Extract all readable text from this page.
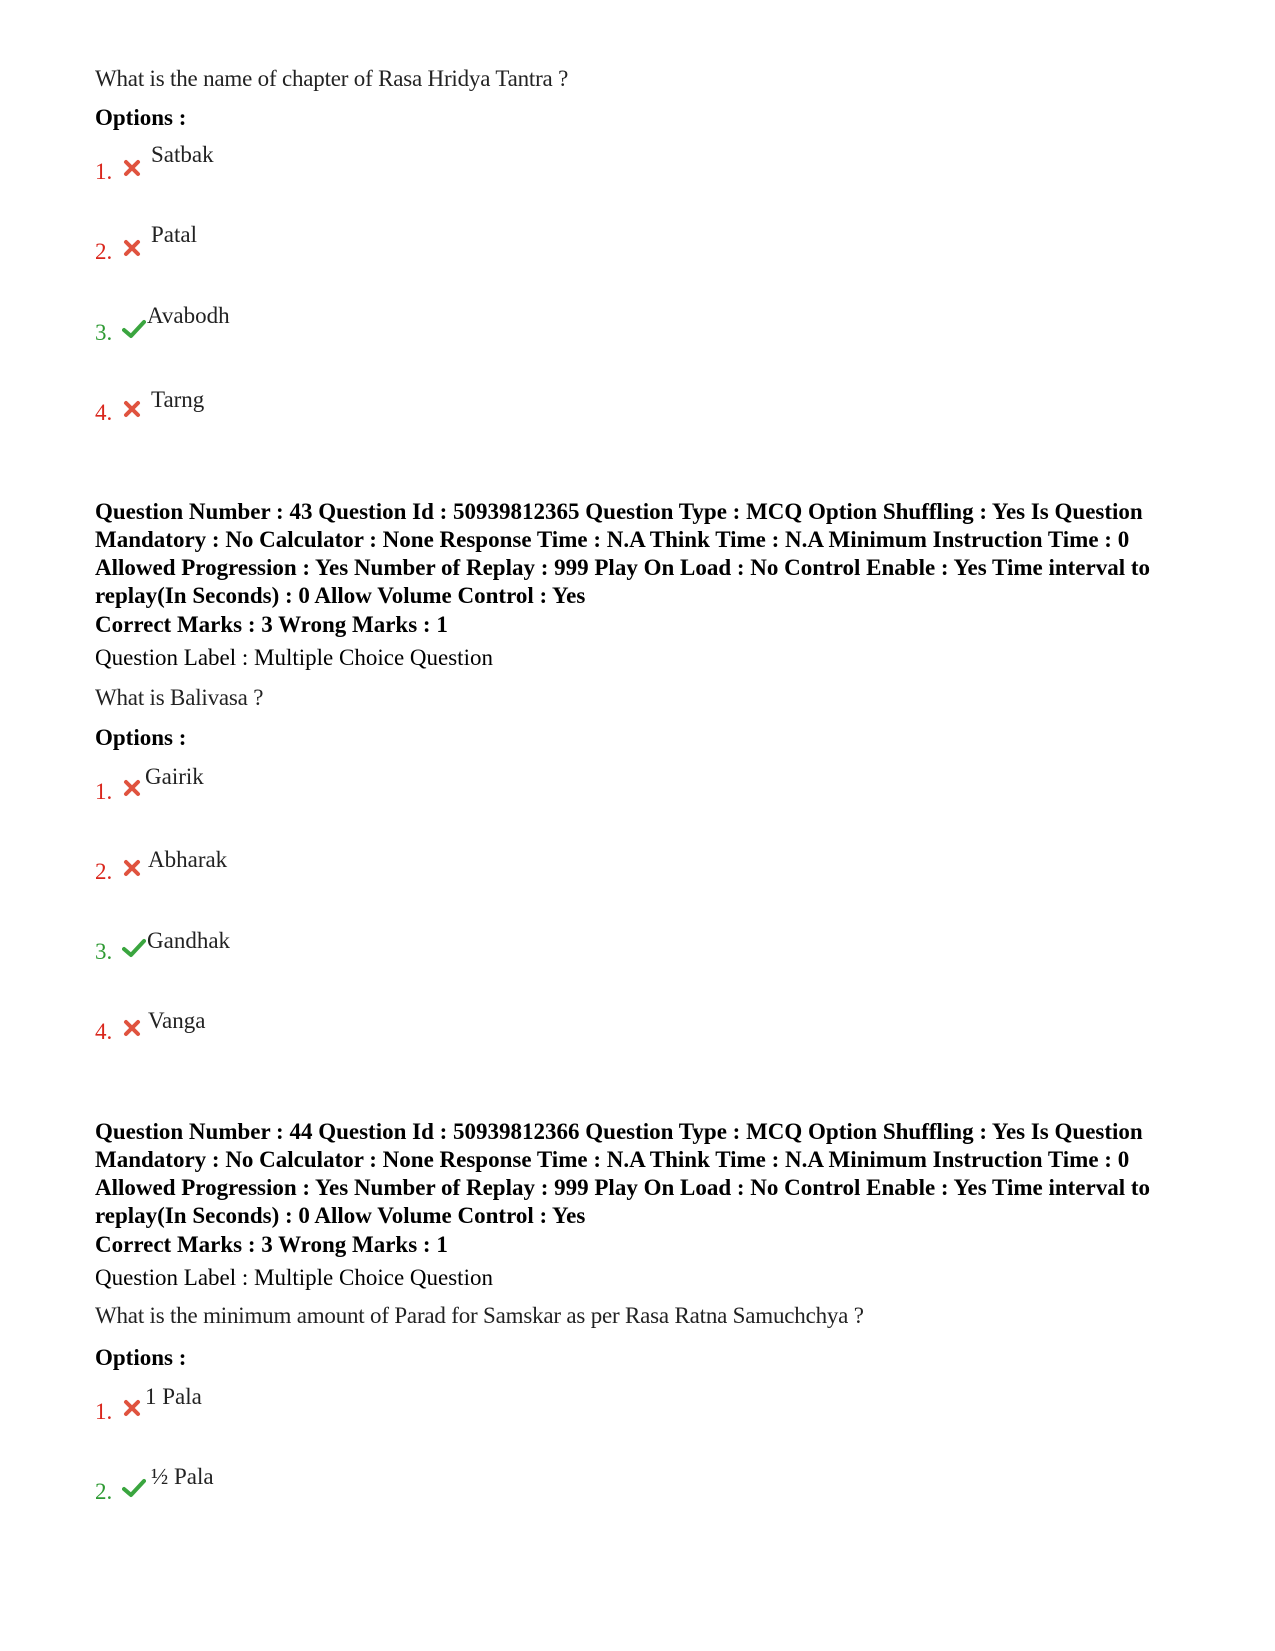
What is the name of chapter of Rasa Hridya Tantra ?
Options :
1.
Satbak
2.
Patal
3.
Avabodh
4.
Tarng
Question Number : 43 Question Id : 50939812365 Question Type : MCQ Option Shuffling : Yes Is Question Mandatory : No Calculator : None Response Time : N.A Think Time : N.A Minimum Instruction Time : 0 Allowed Progression : Yes Number of Replay : 999 Play On Load : No Control Enable : Yes Time interval to replay(In Seconds) : 0 Allow Volume Control : Yes
Correct Marks : 3 Wrong Marks : 1
Question Label : Multiple Choice Question
What is Balivasa ?
Options :
1.
Gairik
2. Abharak
3. Gandhak
4. Vanga
Question Number : 44 Question Id : 50939812366 Question Type : MCQ Option Shuffling : Yes Is Question Mandatory : No Calculator : None Response Time : N.A Think Time : N.A Minimum Instruction Time : 0 Allowed Progression : Yes Number of Replay : 999 Play On Load : No Control Enable : Yes Time interval to replay(In Seconds) : 0 Allow Volume Control : Yes
Correct Marks : 3 Wrong Marks : 1
Question Label : Multiple Choice Question
What is the minimum amount of Parad for Samskar as per Rasa Ratna Samuchchya ?
Options :
1.
1 Pala
2.
½ Pala
